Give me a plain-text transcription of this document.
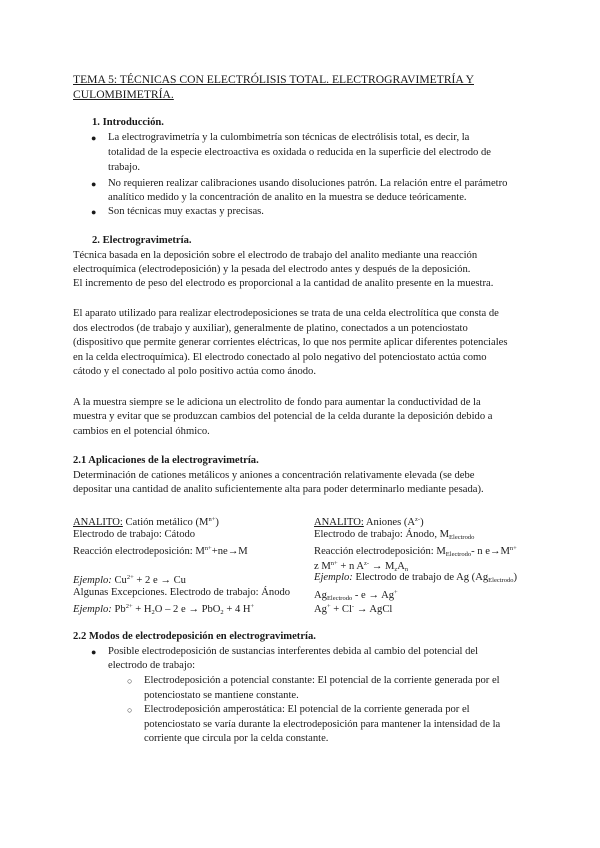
TEMA 5: TÉCNICAS CON ELECTRÓLISIS TOTAL. ELECTROGRAVIMETRÍA Y
CULOMBIMETRÍA.
1. Introducción.
● La electrogravimetría y la culombimetría son técnicas de electrólisis total, es decir, la
totalidad de la especie electroactiva es oxidada o reducida en la superficie del electrodo de
trabajo.
● No requieren realizar calibraciones usando disoluciones patrón. La relación entre el parámetro
analítico medido y la concentración de analito en la muestra se deduce teóricamente.
● Son técnicas muy exactas y precisas.
2. Electrogravimetría.
Técnica basada en la deposición sobre el electrodo de trabajo del analito mediante una reacción
electroquímica (electrodeposición) y la pesada del electrodo antes y después de la deposición.
El incremento de peso del electrodo es proporcional a la cantidad de analito presente en la muestra.
El aparato utilizado para realizar electrodeposiciones se trata de una celda electrolítica que consta de
dos electrodos (de trabajo y auxiliar), generalmente de platino, conectados a un potenciostato
(dispositivo que permite generar corrientes eléctricas, lo que nos permite aplicar diferentes potenciales
en la celda electroquímica). El electrodo conectado al polo negativo del potenciostato actúa como
cátodo y el conectado al polo positivo actúa como ánodo.
A la muestra siempre se le adiciona un electrolito de fondo para aumentar la conductividad de la
muestra y evitar que se produzcan cambios del potencial de la celda durante la deposición debido a
cambios en el potencial óhmico.
2.1 Aplicaciones de la electrogravimetría.
Determinación de cationes metálicos y aniones a concentración relativamente elevada (se debe
depositar una cantidad de analito suficientemente alta para poder determinarlo mediante pesada).
ANALITO: Catión metálico $(M^{n+})$
Electrodo de trabajo: Cátodo
Reacción electrodeposición: $M^{n+}+ne\to M$
Ejemplo: $Cu^{2+} + 2$ e → Cu
Algunas Excepciones. Electrodo de trabajo: Ánodo
Ejemplo: $Pb^{2+} + H_2O - 2$ e → PbO$_2$ + 4 H+
ANALITO: Aniones $(A^{z-})$
Electrodo de trabajo: Ánodo, $M_{Electrodo}$
Reacción electrodeposición: $M_{Electrodo}-$ n $e\to M^{n+}$
z $M^{n+} + n$ $A^{z-} \to M_zA_n$
Ejemplo: Electrodo de trabajo de Ag $(Ag_{Electrodo})$
$Ag_{Electrodo} - e \to Ag^+$
Ag+ + Cl- → AgCl
2.2 Modos de electrodeposición en electrogravimetría.
● Posible electrodeposición de sustancias interferentes debida al cambio del potencial del
electrodo de trabajo:
○ Electrodeposición a potencial constante: El potencial de la corriente generada por el
potenciostato se mantiene constante.
○ Electrodeposición amperostática: El potencial de la corriente generada por el
potenciostato se varía durante la electrodeposición para mantener la intensidad de la
corriente que circula por la celda constante.
